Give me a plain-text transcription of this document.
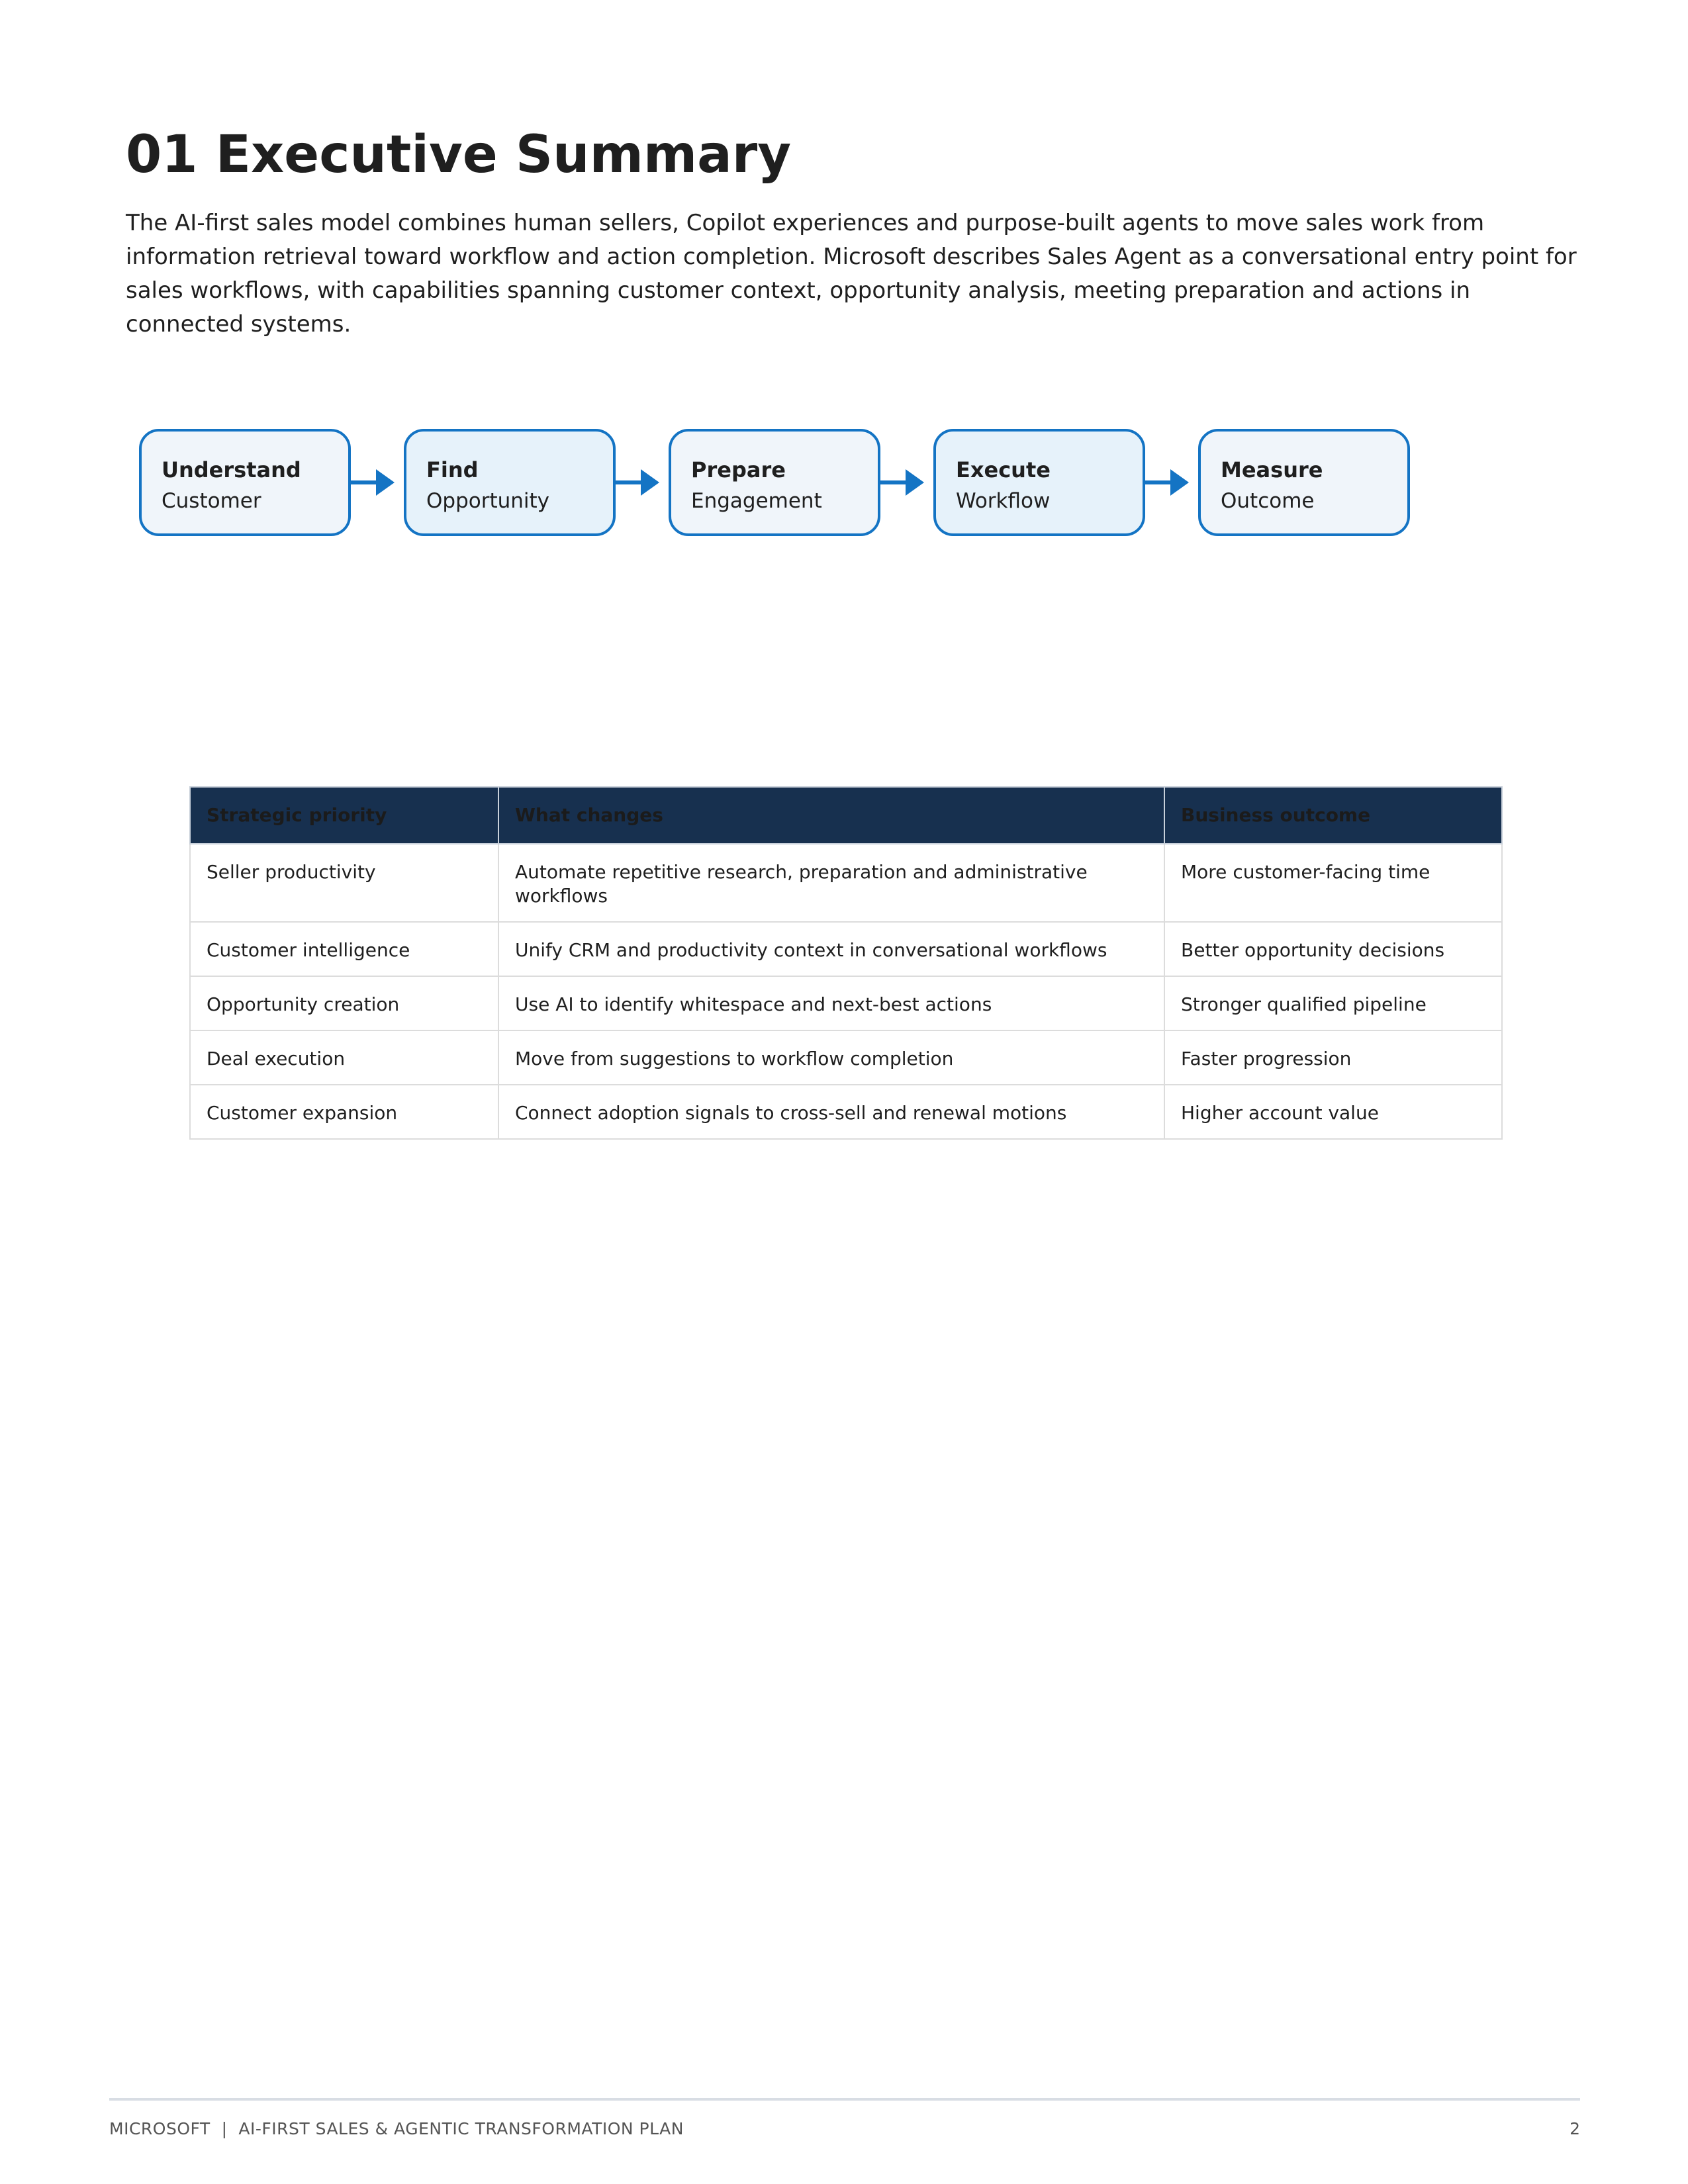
01 Executive Summary

The AI-first sales model combines human sellers, Copilot experiences and purpose-built agents to move sales work from information retrieval toward workflow and action completion. Microsoft describes Sales Agent as a conversational entry point for sales workflows, with capabilities spanning customer context, opportunity analysis, meeting preparation and actions in connected systems.

Understand
Customer
Find
Opportunity
Prepare
Engagement
Execute
Workflow
Measure
Outcome
Strategic priority	What changes	Business outcome
Seller productivity	Automate repetitive research, preparation and administrative workflows	More customer-facing time
Customer intelligence	Unify CRM and productivity context in conversational workflows	Better opportunity decisions
Opportunity creation	Use AI to identify whitespace and next-best actions	Stronger qualified pipeline
Deal execution	Move from suggestions to workflow completion	Faster progression
Customer expansion	Connect adoption signals to cross-sell and renewal motions	Higher account value
MICROSOFT  |  AI-FIRST SALES & AGENTIC TRANSFORMATION PLAN	2
